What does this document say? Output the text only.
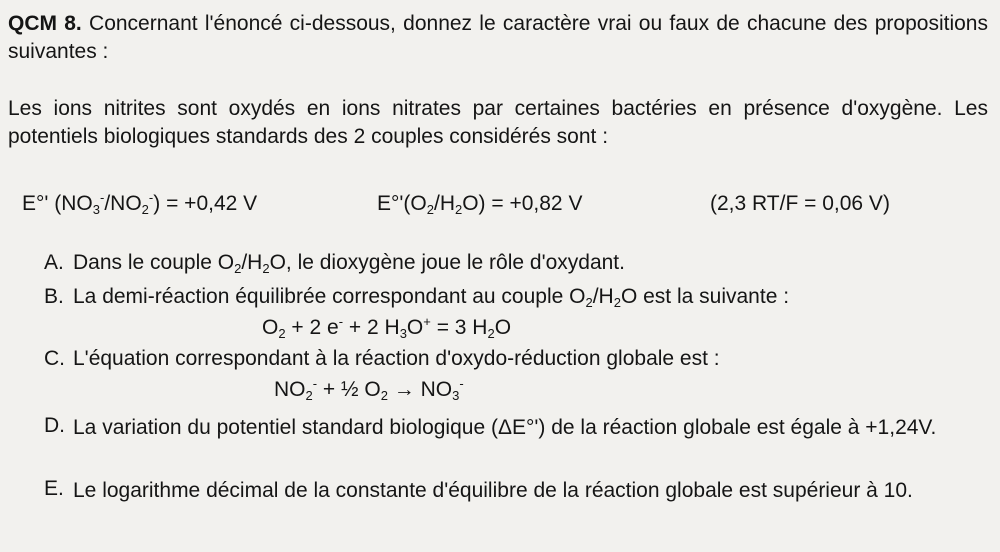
QCM 8. Concernant l'énoncé ci-dessous, donnez le caractère vrai ou faux de chacune des propositions suivantes :
Les ions nitrites sont oxydés en ions nitrates par certaines bactéries en présence d'oxygène. Les potentiels biologiques standards des 2 couples considérés sont :
E°' $(NO_3^-/NO_2^-) = +0,42$ V	$E^\circ'(O_2/H_2O) = +0,82$ V	(2,3 RT/F = 0,06 V)
A. Dans le couple $O_2/H_2O$, le dioxygène joue le rôle d'oxydant.
B. La demi-réaction équilibrée correspondant au couple $O_2/H_2O$ est la suivante :
$O_2 + 2$ e- + 2 $H_3O^+ = 3$ $H_2O$
C. L'équation correspondant à la réaction d'oxydo-réduction globale est :
$NO_2^-$ + ½ $O_2 \to NO_3^-$
D. La variation du potentiel standard biologique (ΔE°') de la réaction globale est égale à +1,24V.
E. Le logarithme décimal de la constante d'équilibre de la réaction globale est supérieur à 10.
